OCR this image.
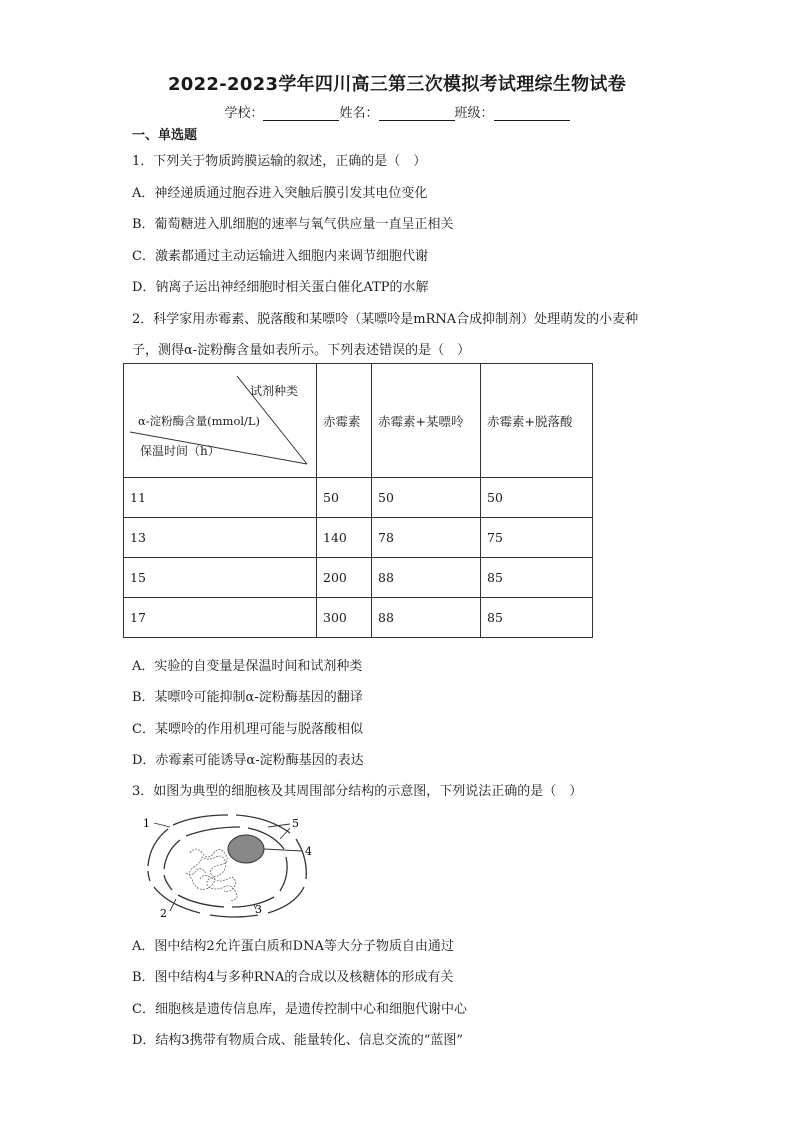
2022-2023学年四川高三第三次模拟考试理综生物试卷
学校：	姓名：	班级：
一、单选题
1．下列关于物质跨膜运输的叙述，正确的是（　）
A．神经递质通过胞吞进入突触后膜引发其电位变化
B．葡萄糖进入肌细胞的速率与氧气供应量一直呈正相关
C．激素都通过主动运输进入细胞内来调节细胞代谢
D．钠离子运出神经细胞时相关蛋白催化ATP的水解
2．科学家用赤霉素、脱落酸和某嘌呤（某嘌呤是mRNA合成抑制剂）处理萌发的小麦种
子，测得α-淀粉酶含量如表所示。下列表述错误的是（　）
试剂种类
α-淀粉酶含量(mmol/L)
保温时间（h）	赤霉素	赤霉素+某嘌呤	赤霉素+脱落酸
11	50	50	50
13	140	78	75
15	200	88	85
17	300	88	85
A．实验的自变量是保温时间和试剂种类
B．某嘌呤可能抑制α-淀粉酶基因的翻译
C．某嘌呤的作用机理可能与脱落酸相似
D．赤霉素可能诱导α-淀粉酶基因的表达
3．如图为典型的细胞核及其周围部分结构的示意图，下列说法正确的是（　）
1
2	3
4
5
A．图中结构2允许蛋白质和DNA等大分子物质自由通过
B．图中结构4与多种RNA的合成以及核糖体的形成有关
C．细胞核是遗传信息库，是遗传控制中心和细胞代谢中心
D．结构3携带有物质合成、能量转化、信息交流的“蓝图”
